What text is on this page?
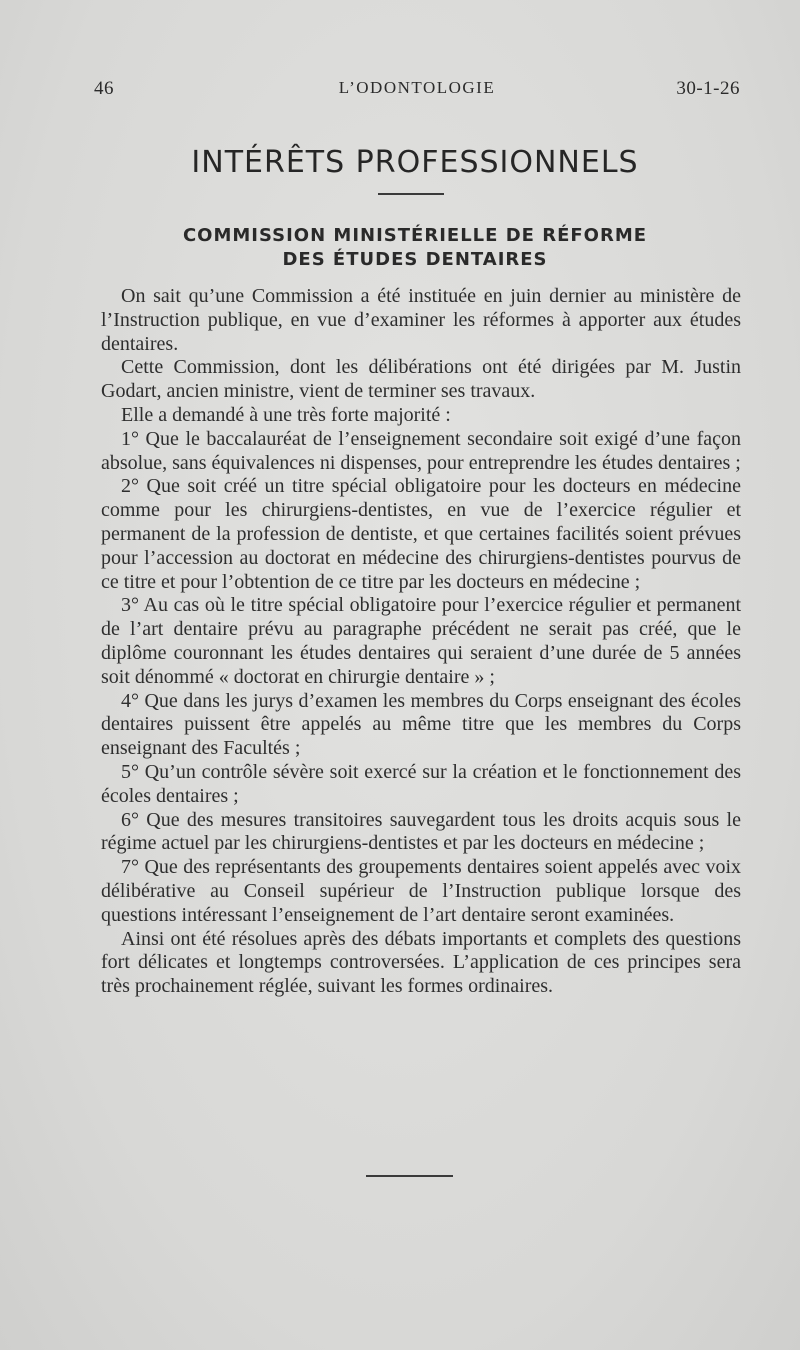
46	L’ODONTOLOGIE	30-1-26
INTÉRÊTS PROFESSIONNELS
COMMISSION MINISTÉRIELLE DE RÉFORME
DES ÉTUDES DENTAIRES

On sait qu’une Commission a été instituée en juin dernier au ministère de l’Instruction publique, en vue d’examiner les réformes à apporter aux études dentaires.

Cette Commission, dont les délibérations ont été dirigées par M. Justin Godart, ancien ministre, vient de terminer ses travaux.

Elle a demandé à une très forte majorité :

1° Que le baccalauréat de l’enseignement secondaire soit exigé d’une façon absolue, sans équivalences ni dispenses, pour entreprendre les études dentaires ;

2° Que soit créé un titre spécial obligatoire pour les docteurs en médecine comme pour les chirurgiens-dentistes, en vue de l’exercice régulier et permanent de la profession de dentiste, et que certaines facilités soient prévues pour l’accession au doctorat en médecine des chirurgiens-dentistes pourvus de ce titre et pour l’obtention de ce titre par les docteurs en médecine ;

3° Au cas où le titre spécial obligatoire pour l’exercice régulier et permanent de l’art dentaire prévu au paragraphe précédent ne serait pas créé, que le diplôme couronnant les études dentaires qui seraient d’une durée de 5 années soit dénommé « doctorat en chirurgie dentaire » ;

4° Que dans les jurys d’examen les membres du Corps enseignant des écoles dentaires puissent être appelés au même titre que les membres du Corps enseignant des Facultés ;

5° Qu’un contrôle sévère soit exercé sur la création et le fonctionnement des écoles dentaires ;

6° Que des mesures transitoires sauvegardent tous les droits acquis sous le régime actuel par les chirurgiens-dentistes et par les docteurs en médecine ;

7° Que des représentants des groupements dentaires soient appelés avec voix délibérative au Conseil supérieur de l’Instruction publique lorsque des questions intéressant l’enseignement de l’art dentaire seront examinées.

Ainsi ont été résolues après des débats importants et complets des questions fort délicates et longtemps controversées. L’application de ces principes sera très prochainement réglée, suivant les formes ordinaires.
